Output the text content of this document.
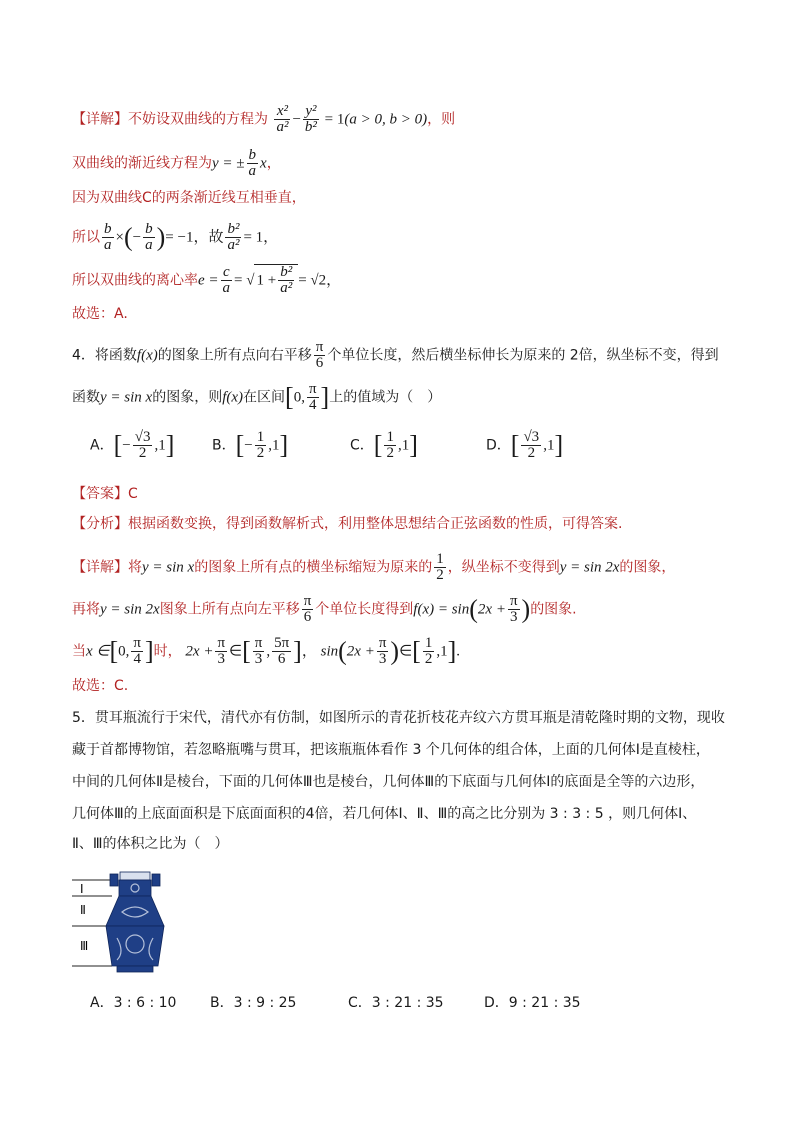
【详解】不妨设双曲线的方程为 $\frac{\text{x²}}{\text{a²}} - \frac{\text{y²}}{\text{b²}} = 1(a > 0$, b > 0)，则
双曲线的渐近线方程为y = ± $\frac{b}{a}$ x，
因为双曲线C的两条渐近线互相垂直，
所以 $\frac{b}{a}$ ×(− $\frac{b}{a}$ )= −1，故 $\frac{\text{b²}}{\text{a²}} = 1$，
所以双曲线的离心率$e = \frac{c}{a}$ = √ $1 + \frac{\text{b²}}{\text{a²}} = √2$，
故选：A.
4．将函数f(x)的图象上所有点向右平移 $\frac{\pi}{6}$ 个单位长度，然后横坐标伸长为原来的 2倍，纵坐标不变，得到
函数y = sin x的图象，则f(x)在区间[0, $\frac{\pi}{4}$ ]上的值域为（　）
A．[− $\frac{√3}{2} ,1$]	B．[− $\frac{1}{2} ,1$]	C．[ $\frac{1}{2} ,1$]	D．[ $\frac{√3}{2} ,1$]
【答案】C
【分析】根据函数变换，得到函数解析式，利用整体思想结合正弦函数的性质，可得答案.
【详解】将y = sin x的图象上所有点的横坐标缩短为原来的 $\frac{1}{2}$ ，纵坐标不变得到y = sin 2x的图象，
再将y = sin 2x图象上所有点向左平移 $\frac{\pi}{6}$ 个单位长度得到$f(x) = \sin(2x + \frac{\pi}{3}$ )的图象.
当x ∈[0, $\frac{\pi}{4}$ ]时， $2x + \frac{\pi}{3}$ ∈[ $\frac{\pi}{3}$ , $\frac{5\pi}{6}$ ]， $\sin(2x + \frac{\pi}{3}$ )∈[ $\frac{1}{2} ,1$].
故选：C.
5．贯耳瓶流行于宋代，清代亦有仿制，如图所示的青花折枝花卉纹六方贯耳瓶是清乾隆时期的文物，现收
藏于首都博物馆，若忽略瓶嘴与贯耳，把该瓶瓶体看作 3 个几何体的组合体，上面的几何体Ⅰ是直棱柱，
中间的几何体Ⅱ是棱台，下面的几何体Ⅲ也是棱台，几何体Ⅲ的下底面与几何体Ⅰ的底面是全等的六边形，
几何体Ⅲ的上底面面积是下底面面积的4倍，若几何体Ⅰ、Ⅱ、Ⅲ的高之比分别为 3 : 3 : 5 ，则几何体Ⅰ、
Ⅱ、Ⅲ的体积之比为（　）
Ⅰ
Ⅱ
Ⅲ
A．3 : 6 : 10 B．3 : 9 : 25	C．3 : 21 : 35	D．9 : 21 : 35
